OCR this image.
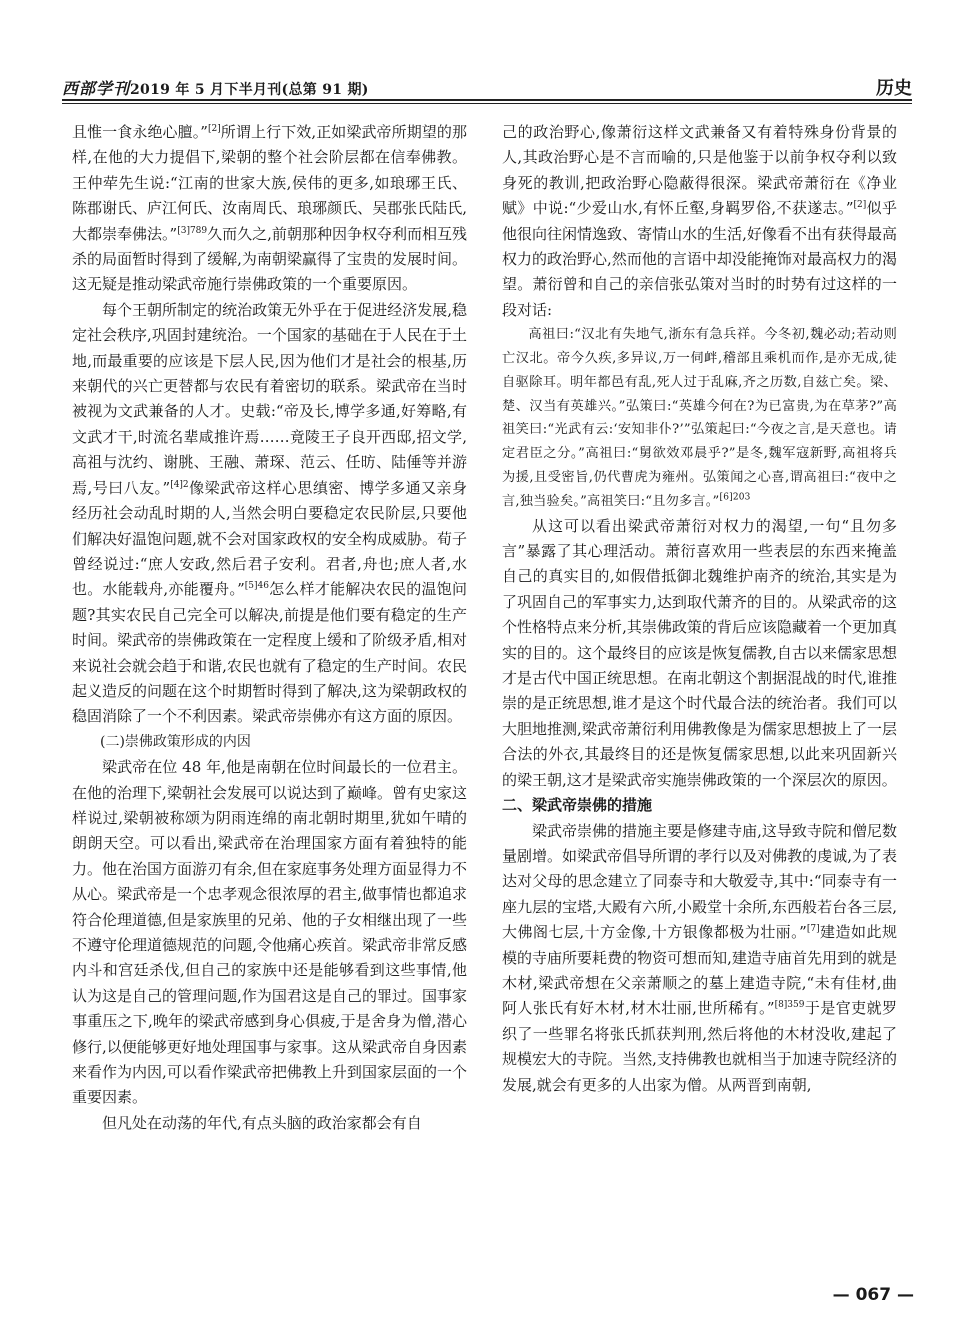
西部学刊2019 年 5 月下半月刊(总第 91 期)	历史

且惟一食永绝心膻。”[2]所谓上行下效,正如梁武帝所期望的那样,在他的大力提倡下,梁朝的整个社会阶层都在信奉佛教。王仲荦先生说:“江南的世家大族,侯伟的更多,如琅琊王氏、陈郡谢氏、庐江何氏、汝南周氏、琅琊颜氏、吴郡张氏陆氏,大都崇奉佛法。”$^{[3]789}$久而久之,前朝那种因争权夺利而相互残杀的局面暂时得到了缓解,为南朝梁赢得了宝贵的发展时间。这无疑是推动梁武帝施行崇佛政策的一个重要原因。

每个王朝所制定的统治政策无外乎在于促进经济发展,稳定社会秩序,巩固封建统治。一个国家的基础在于人民在于土地,而最重要的应该是下层人民,因为他们才是社会的根基,历来朝代的兴亡更替都与农民有着密切的联系。梁武帝在当时被视为文武兼备的人才。史载:“帝及长,博学多通,好筹略,有文武才干,时流名辈咸推许焉……竟陵王子良开西邸,招文学,高祖与沈约、谢朓、王融、萧琛、范云、任昉、陆倕等并游焉,号曰八友。”$^{[4]2}$像梁武帝这样心思缜密、博学多通又亲身经历社会动乱时期的人,当然会明白要稳定农民阶层,只要他们解决好温饱问题,就不会对国家政权的安全构成威胁。荀子曾经说过:“庶人安政,然后君子安利。君者,舟也;庶人者,水也。水能载舟,亦能覆舟。”$^{[5]46}$怎么样才能解决农民的温饱问题?其实农民自己完全可以解决,前提是他们要有稳定的生产时间。梁武帝的崇佛政策在一定程度上缓和了阶级矛盾,相对来说社会就会趋于和谐,农民也就有了稳定的生产时间。农民起义造反的问题在这个时期暂时得到了解决,这为梁朝政权的稳固消除了一个不利因素。梁武帝崇佛亦有这方面的原因。

(二)崇佛政策形成的内因

梁武帝在位 48 年,他是南朝在位时间最长的一位君主。在他的治理下,梁朝社会发展可以说达到了巅峰。曾有史家这样说过,梁朝被称颂为阴雨连绵的南北朝时期里,犹如午晴的朗朗天空。可以看出,梁武帝在治理国家方面有着独特的能力。他在治国方面游刃有余,但在家庭事务处理方面显得力不从心。梁武帝是一个忠孝观念很浓厚的君主,做事情也都追求符合伦理道德,但是家族里的兄弟、他的子女相继出现了一些不遵守伦理道德规范的问题,令他痛心疾首。梁武帝非常反感内斗和宫廷杀伐,但自己的家族中还是能够看到这些事情,他认为这是自己的管理问题,作为国君这是自己的罪过。国事家事重压之下,晚年的梁武帝感到身心俱疲,于是舍身为僧,潜心修行,以便能够更好地处理国事与家事。这从梁武帝自身因素来看作为内因,可以看作梁武帝把佛教上升到国家层面的一个重要因素。

但凡处在动荡的年代,有点头脑的政治家都会有自

己的政治野心,像萧衍这样文武兼备又有着特殊身份背景的人,其政治野心是不言而喻的,只是他鉴于以前争权夺利以致身死的教训,把政治野心隐蔽得很深。梁武帝萧衍在《净业赋》中说:“少爱山水,有怀丘壑,身羁罗俗,不获遂志。”[2]似乎他很向往闲情逸致、寄情山水的生活,好像看不出有获得最高权力的政治野心,然而他的言语中却没能掩饰对最高权力的渴望。萧衍曾和自己的亲信张弘策对当时的时势有过这样的一段对话:

高祖曰:“汉北有失地气,浙东有急兵祥。今冬初,魏必动;若动则亡汉北。帝今久疾,多异议,万一伺衅,稽部且乘机而作,是亦无成,徒自驱除耳。明年都邑有乱,死人过于乱麻,齐之历数,自兹亡矣。梁、楚、汉当有英雄兴。”弘策曰:“英雄今何在?为已富贵,为在草茅?”高祖笑曰:“光武有云:‘安知非仆?’”弘策起曰:“今夜之言,是天意也。请定君臣之分。”高祖曰:“舅欲效邓晨乎?”是冬,魏军寇新野,高祖将兵为援,且受密旨,仍代曹虎为雍州。弘策闻之心喜,谓高祖曰:“夜中之言,独当验矣。”高祖笑曰:“且勿多言。”$^{[6]203}$

从这可以看出梁武帝萧衍对权力的渴望,一句“且勿多言”暴露了其心理活动。萧衍喜欢用一些表层的东西来掩盖自己的真实目的,如假借抵御北魏维护南齐的统治,其实是为了巩固自己的军事实力,达到取代萧齐的目的。从梁武帝的这个性格特点来分析,其崇佛政策的背后应该隐藏着一个更加真实的目的。这个最终目的应该是恢复儒教,自古以来儒家思想才是古代中国正统思想。在南北朝这个割据混战的时代,谁推崇的是正统思想,谁才是这个时代最合法的统治者。我们可以大胆地推测,梁武帝萧衍利用佛教像是为儒家思想披上了一层合法的外衣,其最终目的还是恢复儒家思想,以此来巩固新兴的梁王朝,这才是梁武帝实施崇佛政策的一个深层次的原因。

二、梁武帝崇佛的措施

梁武帝崇佛的措施主要是修建寺庙,这导致寺院和僧尼数量剧增。如梁武帝倡导所谓的孝行以及对佛教的虔诚,为了表达对父母的思念建立了同泰寺和大敬爱寺,其中:“同泰寺有一座九层的宝塔,大殿有六所,小殿堂十余所,东西般若台各三层,大佛阁七层,十方金像,十方银像都极为壮丽。”[7]建造如此规模的寺庙所要耗费的物资可想而知,建造寺庙首先用到的就是木材,梁武帝想在父亲萧顺之的墓上建造寺院,“未有佳材,曲阿人张氏有好木材,材木壮丽,世所稀有。”$^{[8]359}$于是官吏就罗织了一些罪名将张氏抓获判刑,然后将他的木材没收,建起了规模宏大的寺院。当然,支持佛教也就相当于加速寺院经济的发展,就会有更多的人出家为僧。从两晋到南朝,

— 067 —
